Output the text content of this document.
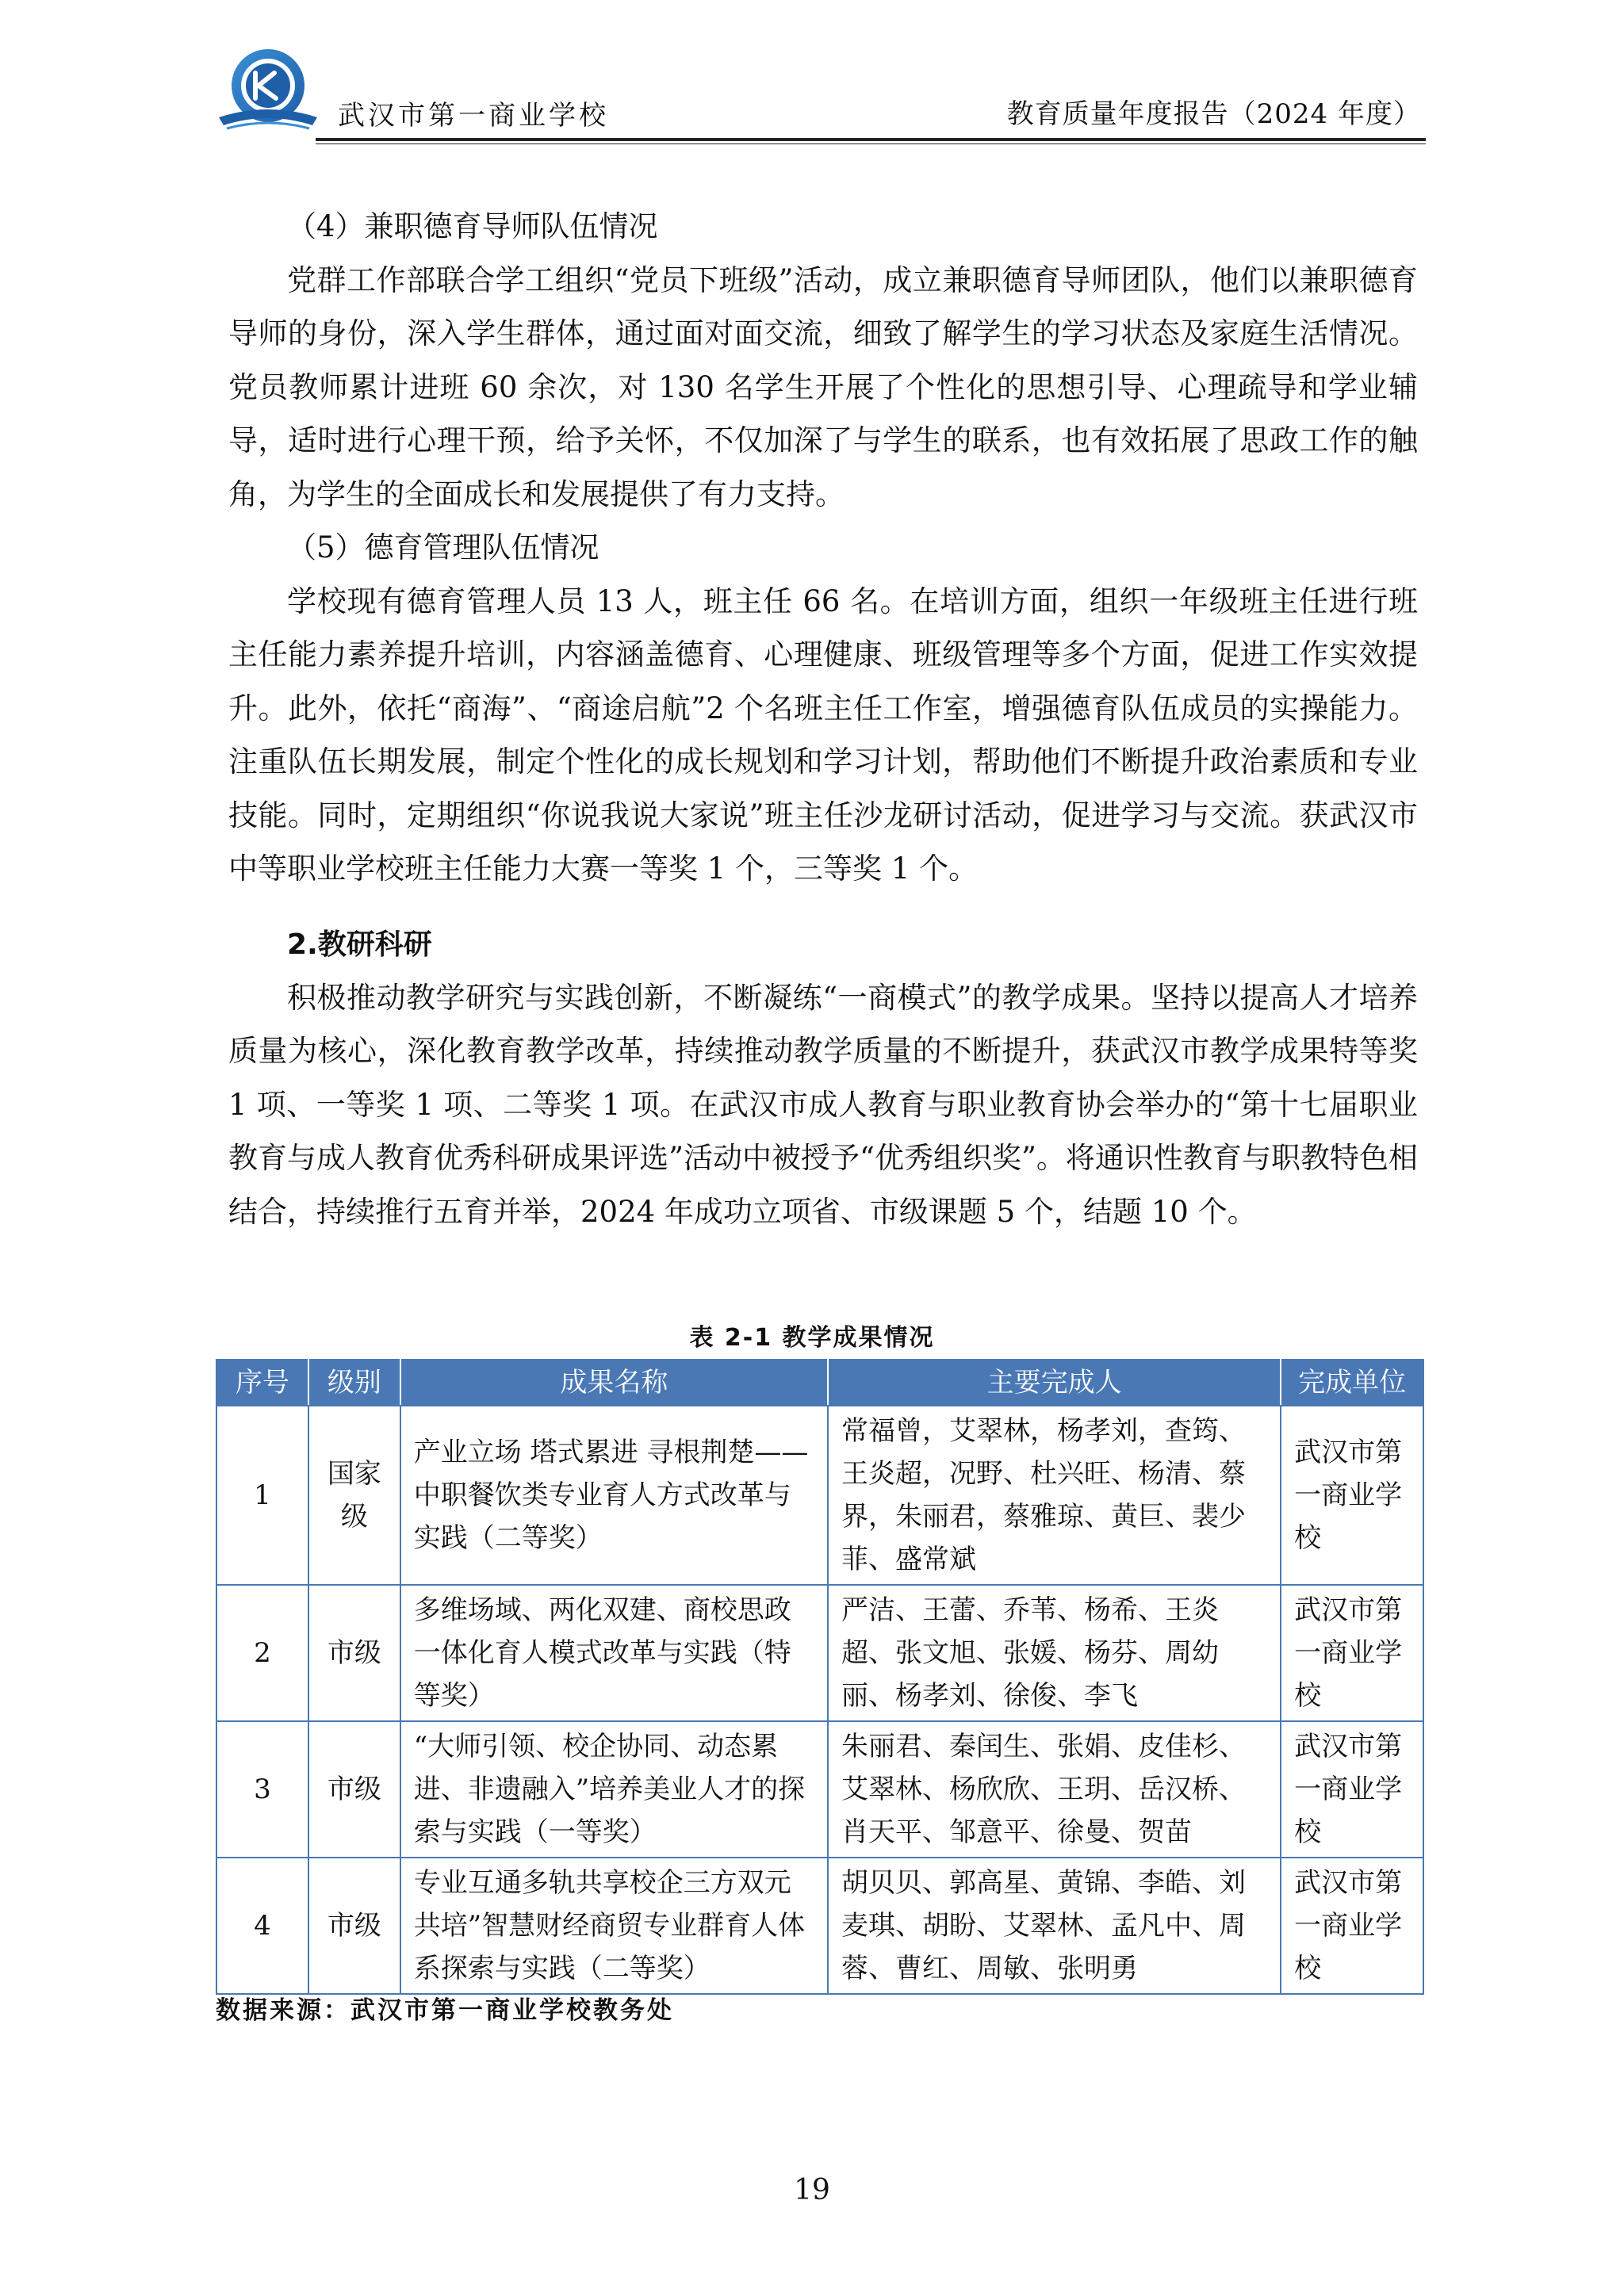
武汉市第一商业学校	教育质量年度报告（2024 年度）
（4）兼职德育导师队伍情况

党群工作部联合学工组织“党员下班级”活动，成立兼职德育导师团队，他们以兼职德育导师的身份，深入学生群体，通过面对面交流，细致了解学生的学习状态及家庭生活情况。党员教师累计进班 60 余次，对 130 名学生开展了个性化的思想引导、心理疏导和学业辅导，适时进行心理干预，给予关怀，不仅加深了与学生的联系，也有效拓展了思政工作的触角，为学生的全面成长和发展提供了有力支持。

（5）德育管理队伍情况

学校现有德育管理人员 13 人，班主任 66 名。在培训方面，组织一年级班主任进行班主任能力素养提升培训，内容涵盖德育、心理健康、班级管理等多个方面，促进工作实效提升。此外，依托“商海”、“商途启航”2 个名班主任工作室，增强德育队伍成员的实操能力。注重队伍长期发展，制定个性化的成长规划和学习计划，帮助他们不断提升政治素质和专业技能。同时，定期组织“你说我说大家说”班主任沙龙研讨活动，促进学习与交流。获武汉市中等职业学校班主任能力大赛一等奖 1 个，三等奖 1 个。

2.教研科研

积极推动教学研究与实践创新，不断凝练“一商模式”的教学成果。坚持以提高人才培养质量为核心，深化教育教学改革，持续推动教学质量的不断提升，获武汉市教学成果特等奖 1 项、一等奖 1 项、二等奖 1 项。在武汉市成人教育与职业教育协会举办的“第十七届职业教育与成人教育优秀科研成果评选”活动中被授予“优秀组织奖”。将通识性教育与职教特色相结合，持续推行五育并举，2024 年成功立项省、市级课题 5 个，结题 10 个。

表 2-1 教学成果情况
序号	级别	成果名称	主要完成人	完成单位
1	国家级	产业立场 塔式累进 寻根荆楚——中职餐饮类专业育人方式改革与实践（二等奖）	常福曾，艾翠林，杨孝刘，查筠、王炎超，况野、杜兴旺、杨清、蔡界，朱丽君，蔡雅琼、黄巨、裴少菲、盛常斌	武汉市第一商业学校
2	市级	多维场域、两化双建、商校思政一体化育人模式改革与实践（特等奖）	严洁、王蕾、乔苇、杨希、王炎超、张文旭、张媛、杨芬、周幼丽、杨孝刘、徐俊、李飞	武汉市第一商业学校
3	市级	“大师引领、校企协同、动态累进、非遗融入”培养美业人才的探索与实践（一等奖）	朱丽君、秦闰生、张娟、皮佳杉、艾翠林、杨欣欣、王玥、岳汉桥、肖天平、邹意平、徐曼、贺苗	武汉市第一商业学校
4	市级	专业互通多轨共享校企三方双元共培”智慧财经商贸专业群育人体系探索与实践（二等奖）	胡贝贝、郭高星、黄锦、李皓、刘麦琪、胡盼、艾翠林、孟凡中、周蓉、曹红、周敏、张明勇	武汉市第一商业学校
数据来源：武汉市第一商业学校教务处
19
